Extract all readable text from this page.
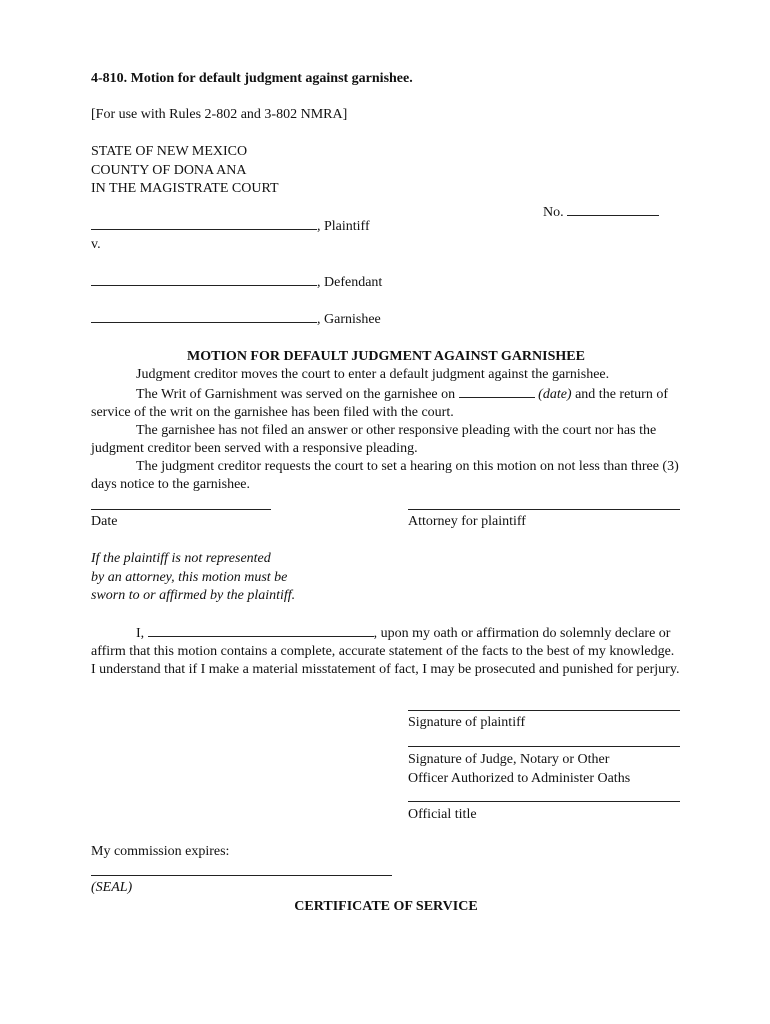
4-810. Motion for default judgment against garnishee.
[For use with Rules 2-802 and 3-802 NMRA]
STATE OF NEW MEXICO
COUNTY OF DONA ANA
IN THE MAGISTRATE COURT
No.
, Plaintiff
v.
, Defendant
, Garnishee
MOTION FOR DEFAULT JUDGMENT AGAINST GARNISHEE

Judgment creditor moves the court to enter a default judgment against the garnishee.

The Writ of Garnishment was served on the garnishee on	(date) and the return of service of the writ on the garnishee has been filed with the court.

The garnishee has not filed an answer or other responsive pleading with the court nor has the judgment creditor been served with a responsive pleading.

The judgment creditor requests the court to set a hearing on this motion on not less than three (3) days notice to the garnishee.

Date	Attorney for plaintiff
If the plaintiff is not represented
by an attorney, this motion must be
sworn to or affirmed by the plaintiff.

I,	, upon my oath or affirmation do solemnly declare or affirm that this motion contains a complete, accurate statement of the facts to the best of my knowledge. I understand that if I make a material misstatement of fact, I may be prosecuted and punished for perjury.

Signature of plaintiff
Signature of Judge, Notary or Other
Officer Authorized to Administer Oaths
Official title
My commission expires:
(SEAL)
CERTIFICATE OF SERVICE
